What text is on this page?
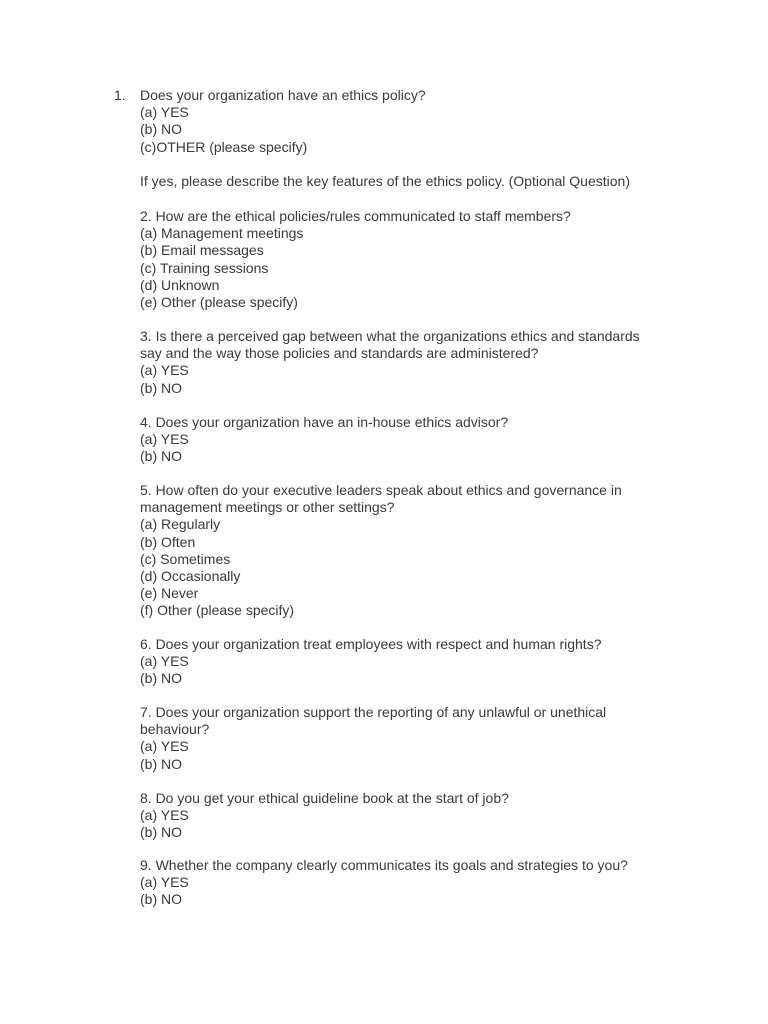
1. Does your organization have an ethics policy?
(a) YES
(b) NO
(c)OTHER (please specify)
If yes, please describe the key features of the ethics policy. (Optional Question)
2. How are the ethical policies/rules communicated to staff members?
(a) Management meetings
(b) Email messages
(c) Training sessions
(d) Unknown
(e) Other (please specify)
3. Is there a perceived gap between what the organizations ethics and standards
say and the way those policies and standards are administered?
(a) YES
(b) NO
4. Does your organization have an in-house ethics advisor?
(a) YES
(b) NO
5. How often do your executive leaders speak about ethics and governance in
management meetings or other settings?
(a) Regularly
(b) Often
(c) Sometimes
(d) Occasionally
(e) Never
(f) Other (please specify)
6. Does your organization treat employees with respect and human rights?
(a) YES
(b) NO
7. Does your organization support the reporting of any unlawful or unethical
behaviour?
(a) YES
(b) NO
8. Do you get your ethical guideline book at the start of job?
(a) YES
(b) NO
9. Whether the company clearly communicates its goals and strategies to you?
(a) YES
(b) NO
